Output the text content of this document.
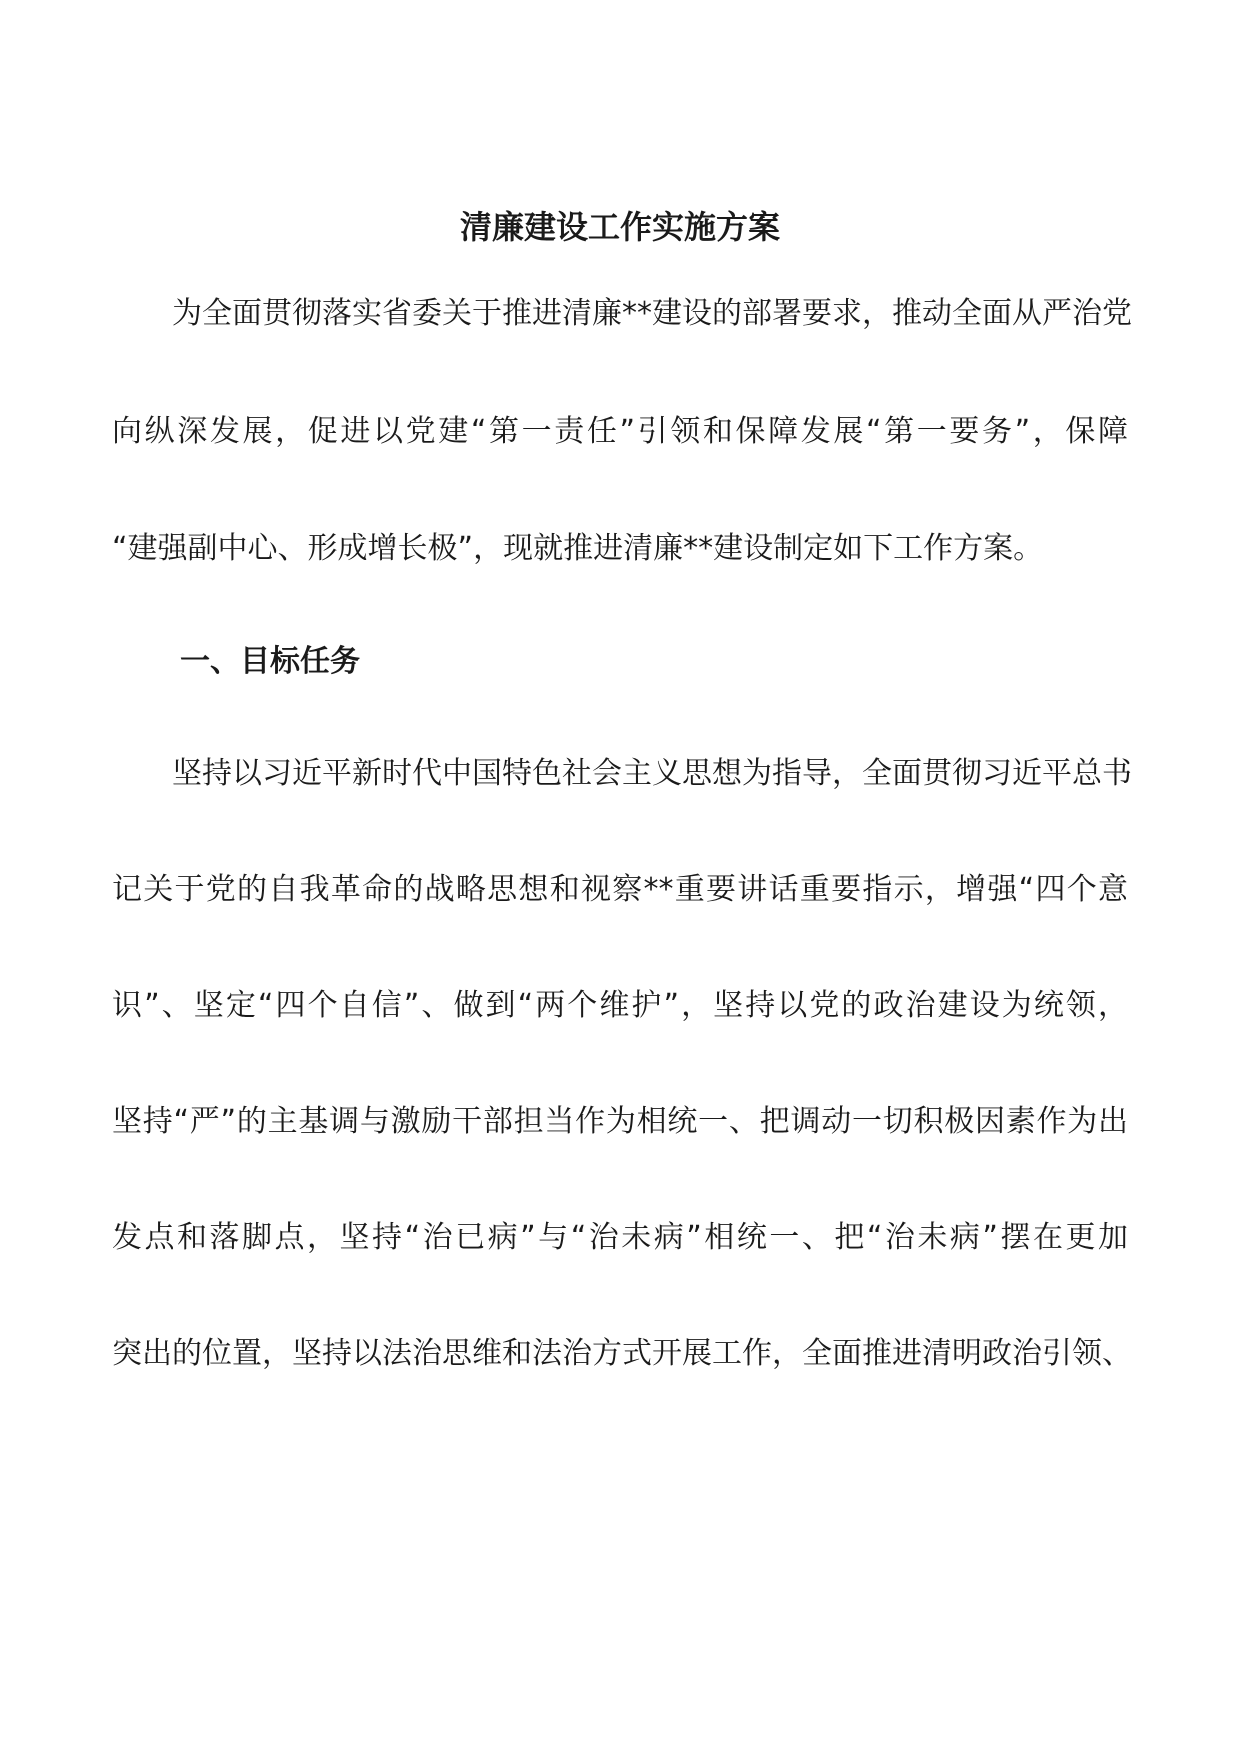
清廉建设工作实施方案
　　为全面贯彻落实省委关于推进清廉**建设的部署要求，推动全面从严治党
向纵深发展，促进以党建“第一责任”引领和保障发展“第一要务”，保障
“建强副中心、形成增长极”，现就推进清廉**建设制定如下工作方案。
一、目标任务
　　坚持以习近平新时代中国特色社会主义思想为指导，全面贯彻习近平总书
记关于党的自我革命的战略思想和视察**重要讲话重要指示，增强“四个意
识”、坚定“四个自信”、做到“两个维护”，坚持以党的政治建设为统领，
坚持“严”的主基调与激励干部担当作为相统一、把调动一切积极因素作为出
发点和落脚点，坚持“治已病”与“治未病”相统一、把“治未病”摆在更加
突出的位置，坚持以法治思维和法治方式开展工作，全面推进清明政治引领、
